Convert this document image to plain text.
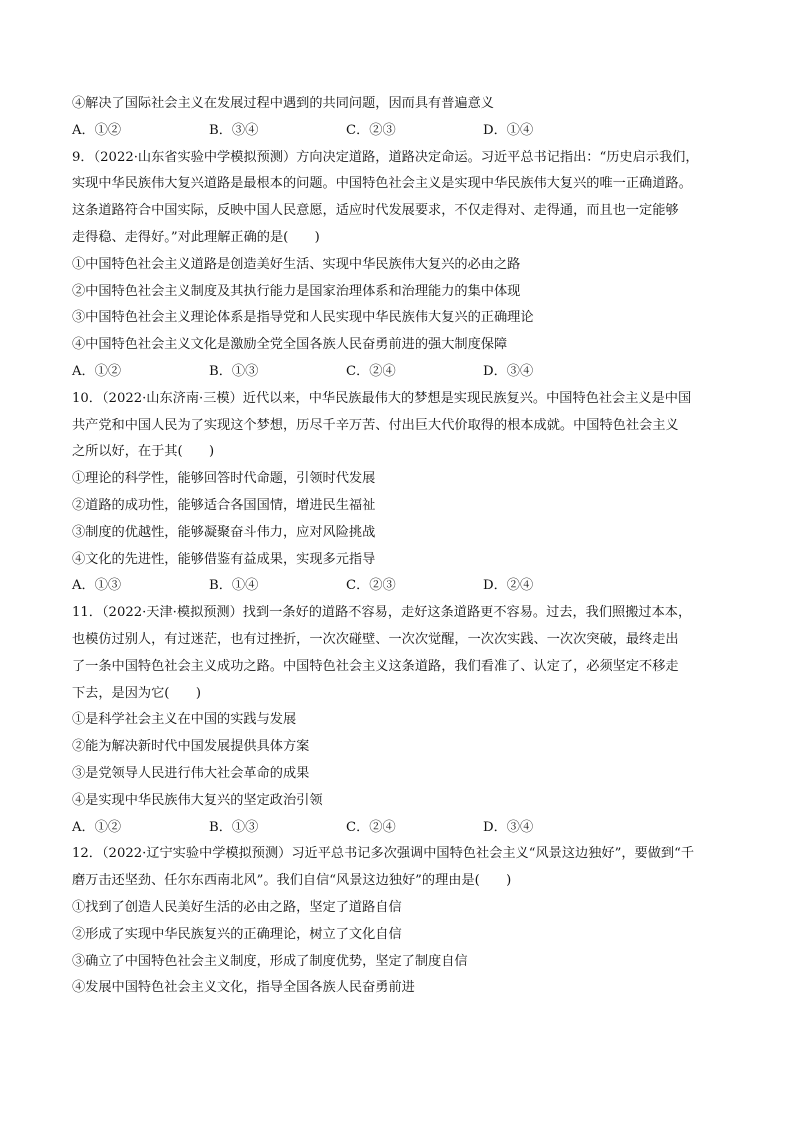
④解决了国际社会主义在发展过程中遇到的共同问题，因而具有普遍意义
A．①②	B．③④	C．②③	D．①④
9．（2022·山东省实验中学模拟预测）方向决定道路，道路决定命运。习近平总书记指出：“历史启示我们，
实现中华民族伟大复兴道路是最根本的问题。中国特色社会主义是实现中华民族伟大复兴的唯一正确道路。
这条道路符合中国实际，反映中国人民意愿，适应时代发展要求，不仅走得对、走得通，而且也一定能够
走得稳、走得好。”对此理解正确的是(　　)
①中国特色社会主义道路是创造美好生活、实现中华民族伟大复兴的必由之路
②中国特色社会主义制度及其执行能力是国家治理体系和治理能力的集中体现
③中国特色社会主义理论体系是指导党和人民实现中华民族伟大复兴的正确理论
④中国特色社会主义文化是激励全党全国各族人民奋勇前进的强大制度保障
A．①②	B．①③	C．②④	D．③④
10．（2022·山东济南·三模）近代以来，中华民族最伟大的梦想是实现民族复兴。中国特色社会主义是中国
共产党和中国人民为了实现这个梦想，历尽千辛万苦、付出巨大代价取得的根本成就。中国特色社会主义
之所以好，在于其(　　)
①理论的科学性，能够回答时代命题，引领时代发展
②道路的成功性，能够适合各国国情，增进民生福祉
③制度的优越性，能够凝聚奋斗伟力，应对风险挑战
④文化的先进性，能够借鉴有益成果，实现多元指导
A．①③	B．①④	C．②③	D．②④
11．（2022·天津·模拟预测）找到一条好的道路不容易，走好这条道路更不容易。过去，我们照搬过本本，
也模仿过别人，有过迷茫，也有过挫折，一次次碰壁、一次次觉醒，一次次实践、一次次突破，最终走出
了一条中国特色社会主义成功之路。中国特色社会主义这条道路，我们看准了、认定了，必须坚定不移走
下去，是因为它(　　)
①是科学社会主义在中国的实践与发展
②能为解决新时代中国发展提供具体方案
③是党领导人民进行伟大社会革命的成果
④是实现中华民族伟大复兴的坚定政治引领
A．①②	B．①③	C．②④	D．③④
12．（2022·辽宁实验中学模拟预测）习近平总书记多次强调中国特色社会主义“风景这边独好”，要做到“千
磨万击还坚劲、任尔东西南北风”。我们自信“风景这边独好”的理由是(　　)
①找到了创造人民美好生活的必由之路，坚定了道路自信
②形成了实现中华民族复兴的正确理论，树立了文化自信
③确立了中国特色社会主义制度，形成了制度优势，坚定了制度自信
④发展中国特色社会主义文化，指导全国各族人民奋勇前进
